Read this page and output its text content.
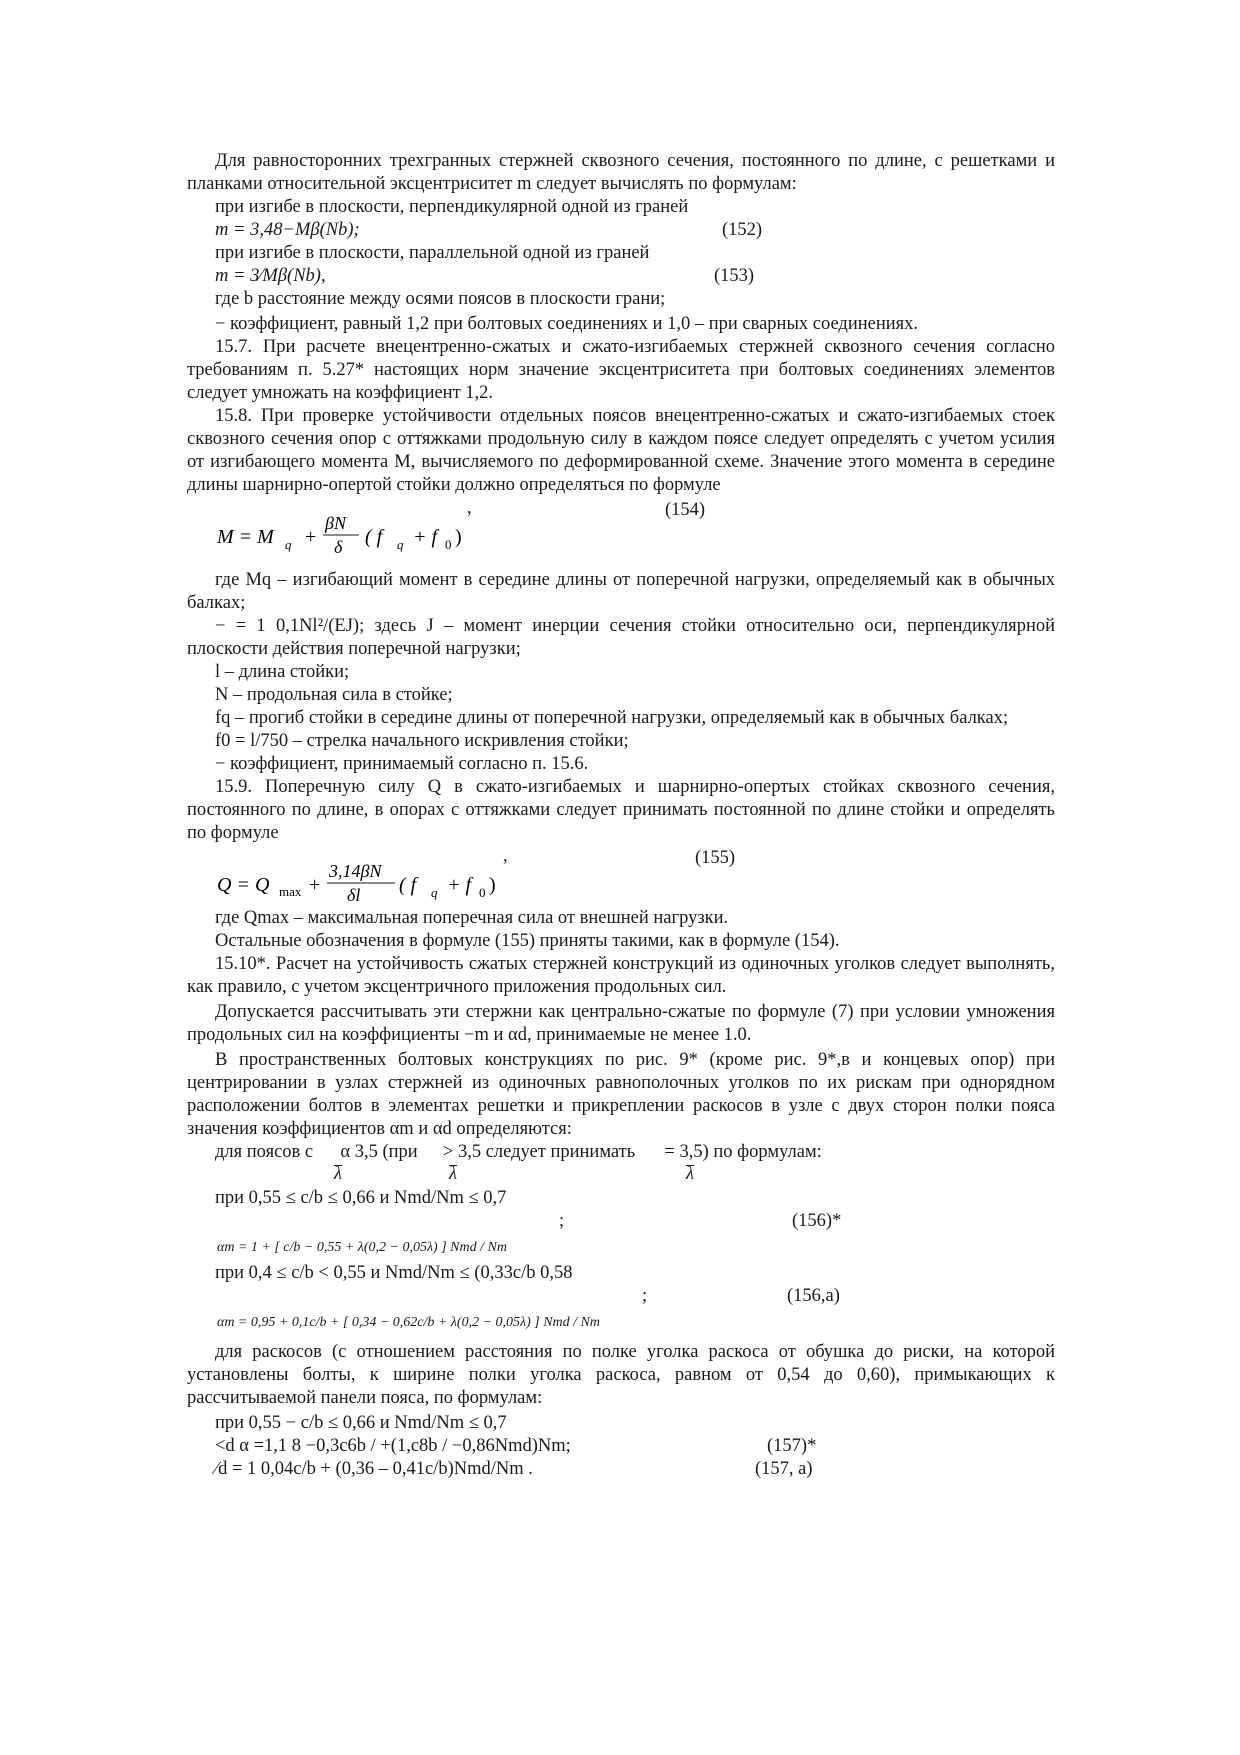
Для равносторонних трехгранных стержней сквозного сечения, постоянного по длине, с решетками и планками относительной эксцентриситет m следует вычислять по формулам:

при изгибе в плоскости, перпендикулярной одной из граней

m = 3,48−Mβ(Nb);	(152)

при изгибе в плоскости, параллельной одной из граней

m = 3⁄Mβ(Nb),	(153)

где b расстояние между осями поясов в плоскости грани;

− коэффициент, равный 1,2 при болтовых соединениях и 1,0 – при сварных соединениях.

15.7. При расчете внецентренно-сжатых и сжато-изгибаемых стержней сквозного сечения согласно требованиям п. 5.27* настоящих норм значение эксцентриситета при болтовых соединениях элементов следует умножать на коэффициент 1,2.

15.8. При проверке устойчивости отдельных поясов внецентренно-сжатых и сжато-изгибаемых стоек сквозного сечения опор с оттяжками продольную силу в каждом поясе следует определять с учетом усилия от изгибающего момента M, вычисляемого по деформированной схеме. Значение этого момента в середине длины шарнирно-опертой стойки должно определяться по формуле

,	(154)
M = M q +
βN
δ ( f q + f 0 )

где Mq – изгибающий момент в середине длины от поперечной нагрузки, определяемый как в обычных балках;

− = 1 0,1Nl²/(EJ); здесь J – момент инерции сечения стойки относительно оси, перпендикулярной плоскости действия поперечной нагрузки;

l – длина стойки;

N – продольная сила в стойке;

fq – прогиб стойки в середине длины от поперечной нагрузки, определяемый как в обычных балках;

f0 = l/750 – стрелка начального искривления стойки;

− коэффициент, принимаемый согласно п. 15.6.

15.9. Поперечную силу Q в сжато-изгибаемых и шарнирно-опертых стойках сквозного сечения, постоянного по длине, в опорах с оттяжками следует принимать постоянной по длине стойки и определять по формуле

,	(155)
Q = Q max +
3,14βN
δl ( f q + f 0 )

где Qmax – максимальная поперечная сила от внешней нагрузки.

Остальные обозначения в формуле (155) приняты такими, как в формуле (154).

15.10*. Расчет на устойчивость сжатых стержней конструкций из одиночных уголков следует выполнять, как правило, с учетом эксцентричного приложения продольных сил.

Допускается рассчитывать эти стержни как центрально-сжатые по формуле (7) при условии умножения продольных сил на коэффициенты −m и αd, принимаемые не менее 1.0.

В пространственных болтовых конструкциях по рис. 9* (кроме рис. 9*,в и концевых опор) при центрировании в узлах стержней из одиночных равнополочных уголков по их рискам при однорядном расположении болтов в элементах решетки и прикреплении раскосов в узле с двух сторон полки пояса значения коэффициентов αm и αd определяются:

для поясов с α 3,5 (при > 3,5 следует принимать = 3,5) по формулам:
λ	λ	λ

при 0,55 ≤ c/b ≤ 0,66 и Nmd/Nm ≤ 0,7

;	(156)*
αm = 1 + [ c/b − 0,55 + λ(0,2 − 0,05λ) ] Nmd / Nm

при 0,4 ≤ c/b < 0,55 и Nmd/Nm ≤ (0,33c/b 0,58

;	(156,а)
αm = 0,95 + 0,1c/b + [ 0,34 − 0,62c/b + λ(0,2 − 0,05λ) ] Nmd / Nm

для раскосов (с отношением расстояния по полке уголка раскоса от обушка до риски, на которой установлены болты, к ширине полки уголка раскоса, равном от 0,54 до 0,60), примыкающих к рассчитываемой панели пояса, по формулам:

при 0,55 − c/b ≤ 0,66 и Nmd/Nm ≤ 0,7

<d α =1,1 8 −0,3c6b / +(1,c8b / −0,86Nmd)Nm;	(157)*
⁄d = 1 0,04c/b + (0,36 – 0,41c/b)Nmd/Nm .	(157, а)
